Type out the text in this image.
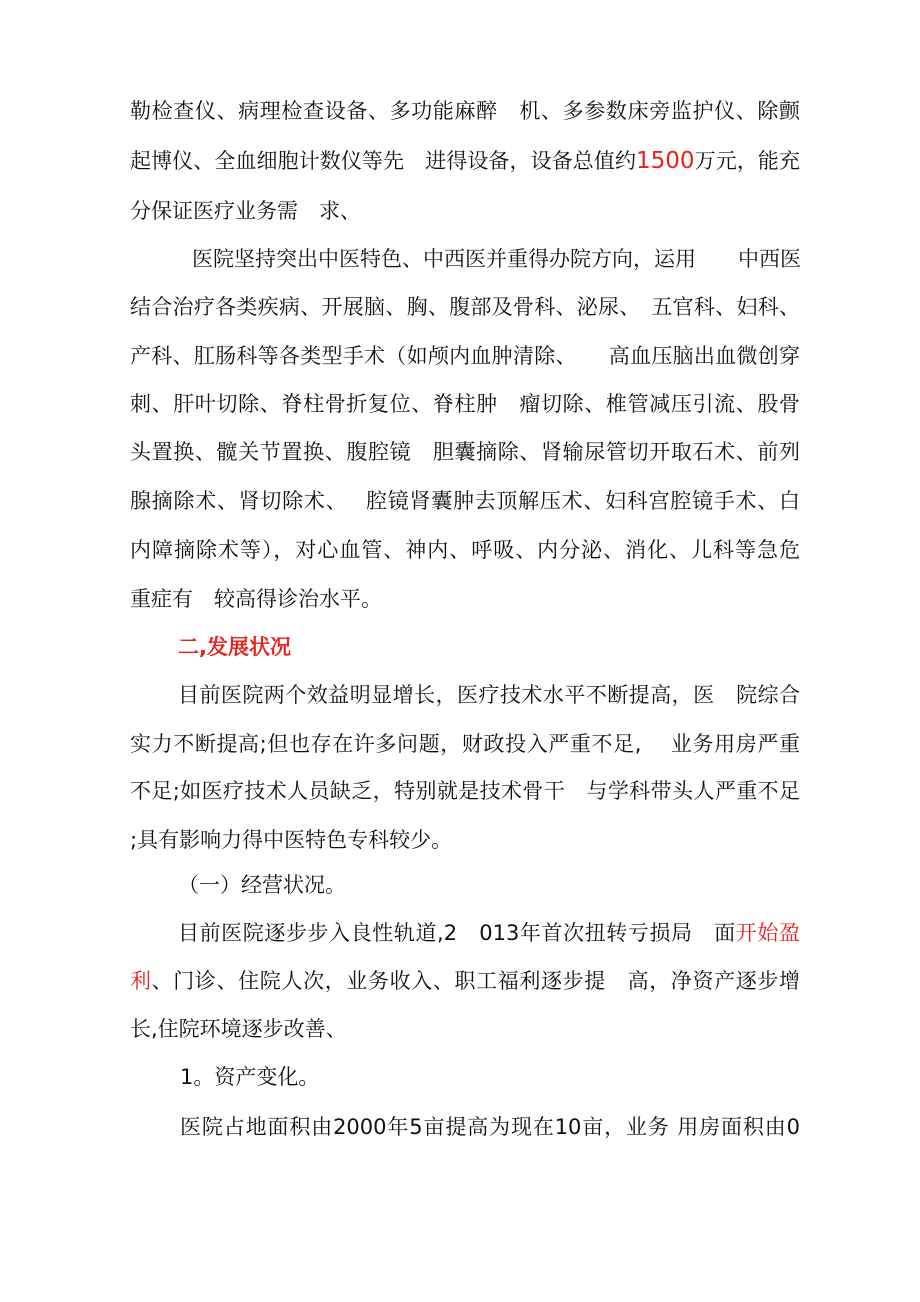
勒检查仪、病理检查设备、多功能麻醉　机、多参数床旁监护仪、除颤
起博仪、全血细胞计数仪等先　进得设备，设备总值约1500万元，能充
分保证医疗业务需　求、
医院坚持突出中医特色、中西医并重得办院方向，运用　　中西医
结合治疗各类疾病、开展脑、胸、腹部及骨科、泌尿、　五官科、妇科、
产科、肛肠科等各类型手术（如颅内血肿清除、　　高血压脑出血微创穿
刺、肝叶切除、脊柱骨折复位、脊柱肿　瘤切除、椎管减压引流、股骨
头置换、髋关节置换、腹腔镜　胆囊摘除、肾输尿管切开取石术、前列
腺摘除术、肾切除术、　 腔镜肾囊肿去顶解压术、妇科宫腔镜手术、白
内障摘除术等），对心血管、神内、呼吸、内分泌、消化、儿科等急危
重症有　较高得诊治水平。
二,发展状况
目前医院两个效益明显增长，医疗技术水平不断提高，医　院综合
实力不断提高;但也存在许多问题，财政投入严重不足,　 业务用房严重
不足;如医疗技术人员缺乏，特别就是技术骨干　与学科带头人严重不足
;具有影响力得中医特色专科较少。
（一）经营状况。
目前医院逐步步入良性轨道,2　013年首次扭转亏损局　面开始盈
利、门诊、住院人次，业务收入、职工福利逐步提　高，净资产逐步增
长,住院环境逐步改善、
1。资产变化。
医院占地面积由2000年5亩提高为现在10亩，业务 用房面积由0
